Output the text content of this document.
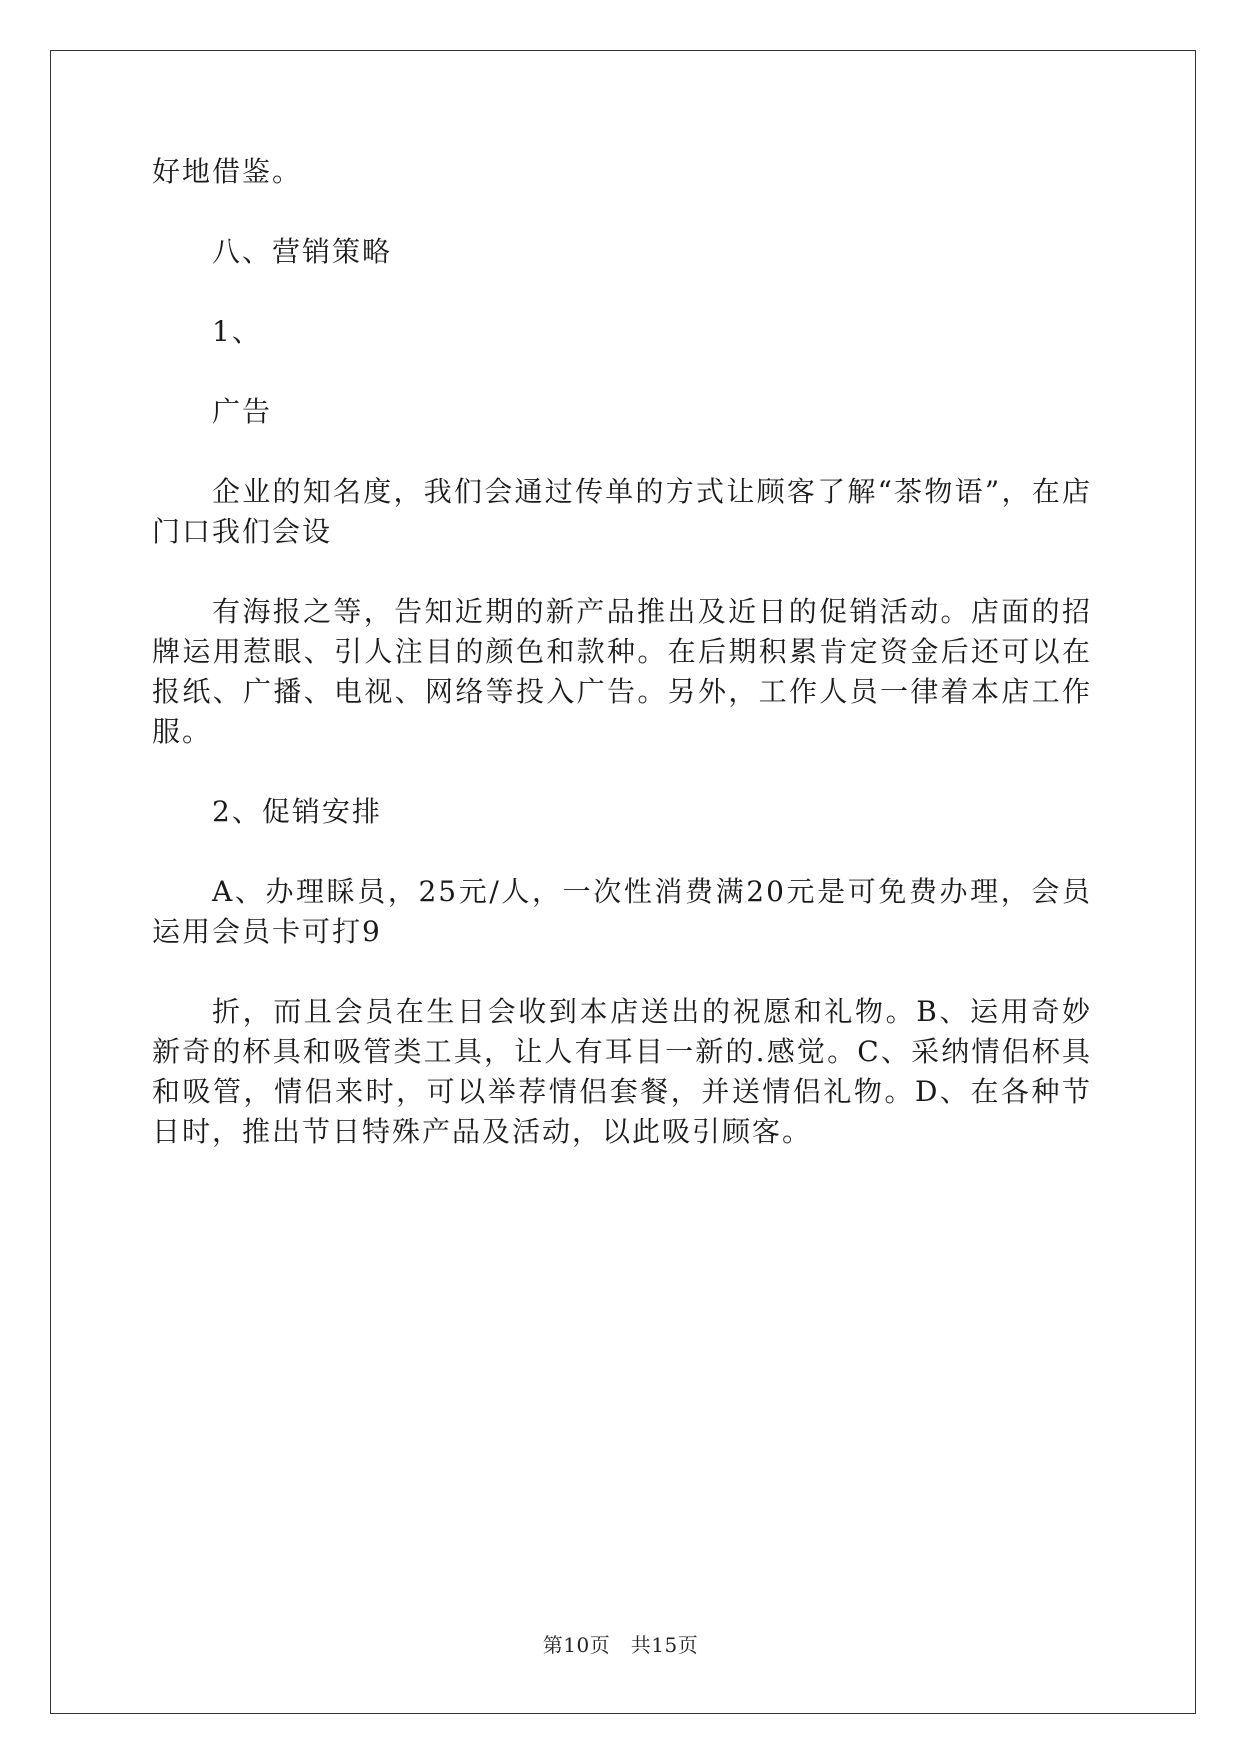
好地借鉴。

八、营销策略

1、

广告

企业的知名度，我们会通过传单的方式让顾客了解“茶物语”，在店门口我们会设

有海报之等，告知近期的新产品推出及近日的促销活动。店面的招牌运用惹眼、引人注目的颜色和款种。在后期积累肯定资金后还可以在报纸、广播、电视、网络等投入广告。另外，工作人员一律着本店工作服。

2、促销安排

A、办理睬员，25元/人，一次性消费满20元是可免费办理，会员运用会员卡可打9

折，而且会员在生日会收到本店送出的祝愿和礼物。B、运用奇妙新奇的杯具和吸管类工具，让人有耳目一新的.感觉。C、采纳情侣杯具和吸管，情侣来时，可以举荐情侣套餐，并送情侣礼物。D、在各种节日时，推出节日特殊产品及活动，以此吸引顾客。

第10页　共15页
